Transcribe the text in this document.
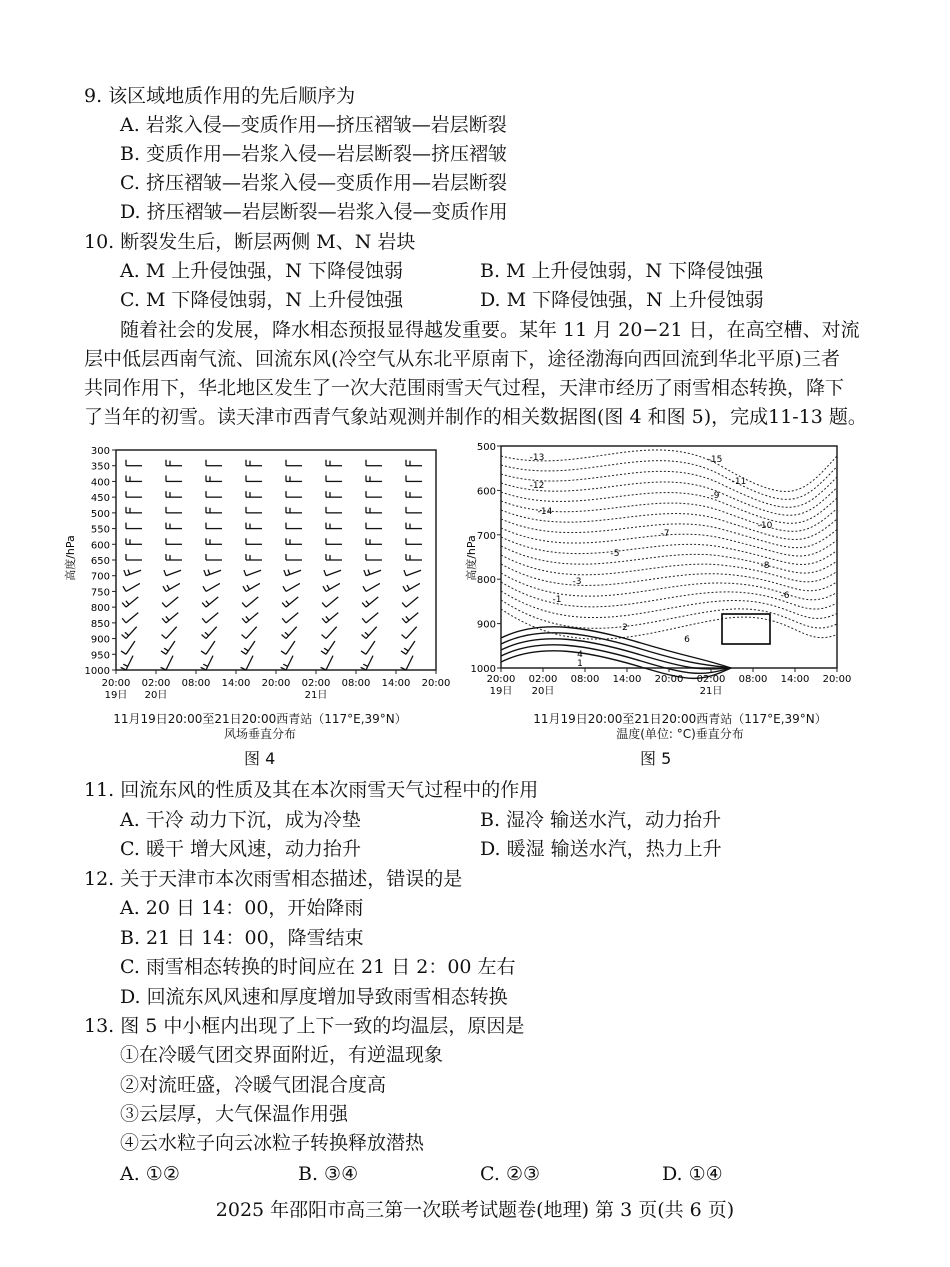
9. 该区域地质作用的先后顺序为
A. 岩浆入侵—变质作用—挤压褶皱—岩层断裂
B. 变质作用—岩浆入侵—岩层断裂—挤压褶皱
C. 挤压褶皱—岩浆入侵—变质作用—岩层断裂
D. 挤压褶皱—岩层断裂—岩浆入侵—变质作用
10. 断裂发生后，断层两侧 M、N 岩块
A. M 上升侵蚀强，N 下降侵蚀弱	B. M 上升侵蚀弱，N 下降侵蚀强
C. M 下降侵蚀弱，N 上升侵蚀强	D. M 下降侵蚀强，N 上升侵蚀弱
随着社会的发展，降水相态预报显得越发重要。某年 11 月 20−21 日，在高空槽、对流
层中低层西南气流、回流东风(冷空气从东北平原南下，途径渤海向西回流到华北平原)三者
共同作用下，华北地区发生了一次大范围雨雪天气过程，天津市经历了雨雪相态转换，降下
了当年的初雪。读天津市西青气象站观测并制作的相关数据图(图 4 和图 5)，完成11-13 题。
300
350
400
450
500
550
600
650
700
750
800
850
900
950
1000
20:00 02:00 08:00 14:00 20:00 02:00 08:00 14:00 20:00
19日 20日	21日
高度/hPa
11月19日20:00至21日20:00西青站（117°E,39°N）
风场垂直分布
图 4
-13	-15
-11
-9
-7
-5
-3
-1
2
6
4
1
-12
-14
-10
-8
-6
500
600
700
800
900
1000
20:00 02:00 08:00 14:00 20:00 02:00 08:00 14:00 20:00
19日 20日	21日
高度/hPa
11月19日20:00至21日20:00西青站（117°E,39°N）
温度(单位: °C)垂直分布
图 5
11. 回流东风的性质及其在本次雨雪天气过程中的作用
A. 干冷 动力下沉，成为冷垫	B. 湿冷 输送水汽，动力抬升
C. 暖干 增大风速，动力抬升	D. 暖湿 输送水汽，热力上升
12. 关于天津市本次雨雪相态描述，错误的是
A. 20 日 14：00，开始降雨
B. 21 日 14：00，降雪结束
C. 雨雪相态转换的时间应在 21 日 2：00 左右
D. 回流东风风速和厚度增加导致雨雪相态转换
13. 图 5 中小框内出现了上下一致的均温层，原因是
①在冷暖气团交界面附近，有逆温现象
②对流旺盛，冷暖气团混合度高
③云层厚，大气保温作用强
④云水粒子向云冰粒子转换释放潜热
A. ①②	B. ③④	C. ②③	D. ①④
2025 年邵阳市高三第一次联考试题卷(地理) 第 3 页(共 6 页)
